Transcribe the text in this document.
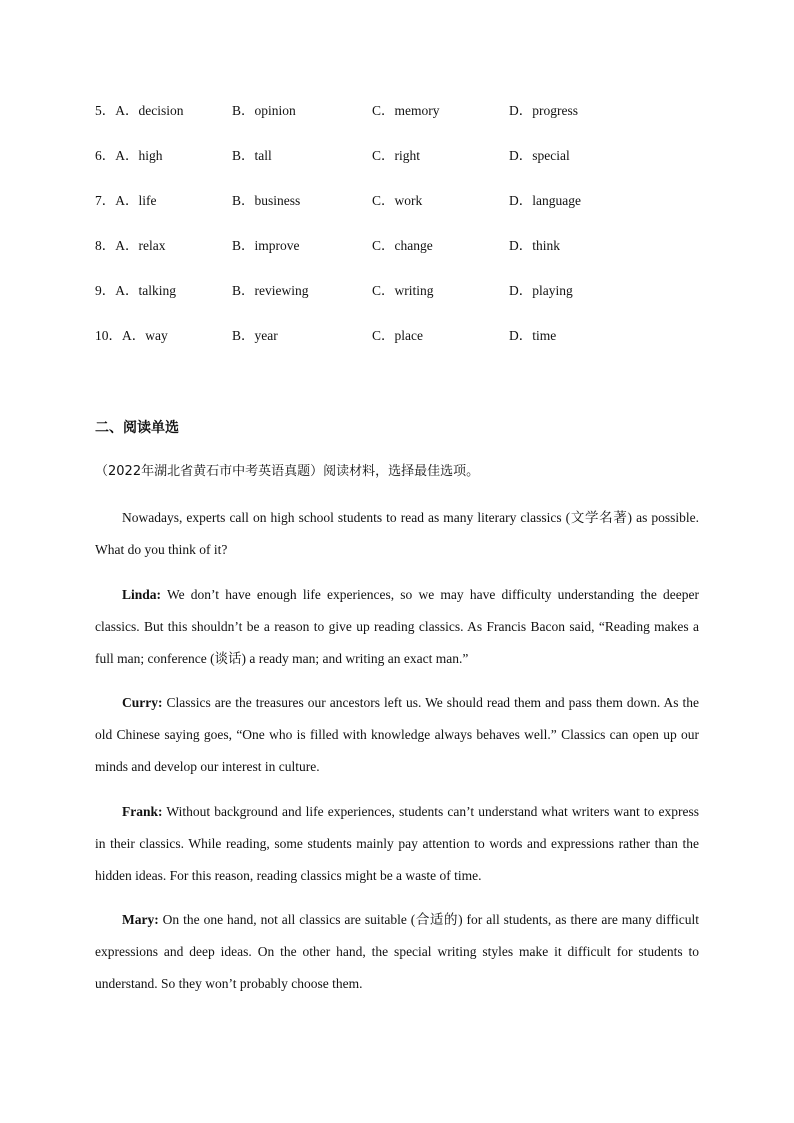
5．A．decision	B．opinion	C．memory	D．progress
6．A．high	B．tall	C．right	D．special
7．A．life	B．business	C．work	D．language
8．A．relax	B．improve	C．change	D．think
9．A．talking	B．reviewing	C．writing	D．playing
10．A．way	B．year	C．place	D．time
二、阅读单选
（2022年湖北省黄石市中考英语真题）阅读材料，选择最佳选项。

Nowadays, experts call on high school students to read as many literary classics (文学名著) as possible. What do you think of it?

Linda: We don’t have enough life experiences, so we may have difficulty understanding the deeper classics. But this shouldn’t be a reason to give up reading classics. As Francis Bacon said, “Reading makes a full man; conference (谈话) a ready man; and writing an exact man.”

Curry: Classics are the treasures our ancestors left us. We should read them and pass them down. As the old Chinese saying goes, “One who is filled with knowledge always behaves well.” Classics can open up our minds and develop our interest in culture.

Frank: Without background and life experiences, students can’t understand what writers want to express in their classics. While reading, some students mainly pay attention to words and expressions rather than the hidden ideas. For this reason, reading classics might be a waste of time.

Mary: On the one hand, not all classics are suitable (合适的) for all students, as there are many difficult expressions and deep ideas. On the other hand, the special writing styles make it difficult for students to understand. So they won’t probably choose them.
